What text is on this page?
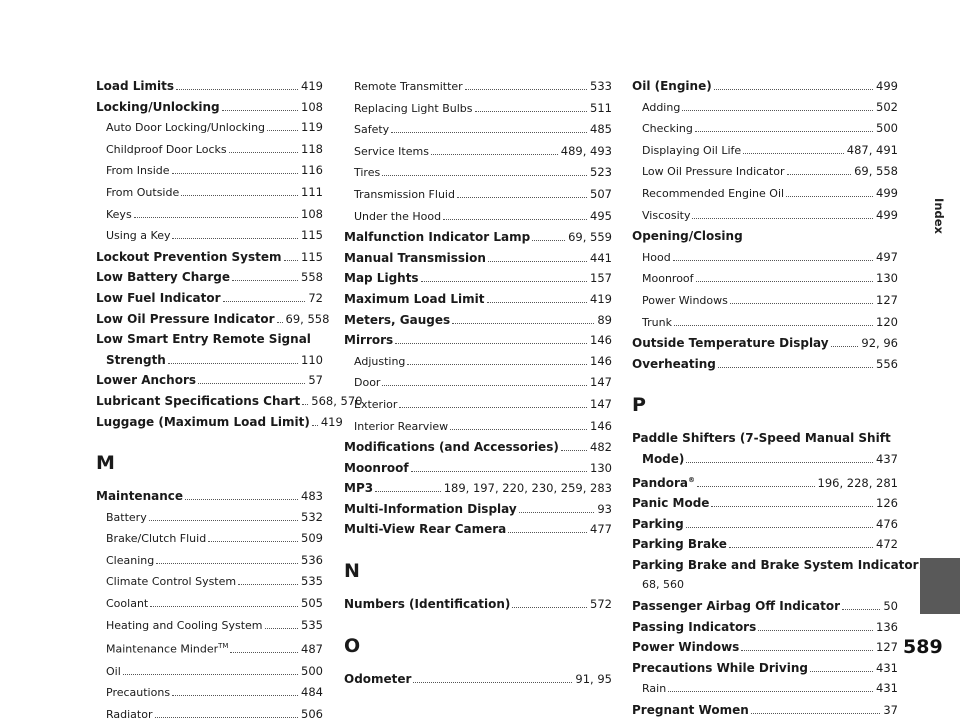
Load Limits	419
Locking/Unlocking	108
Auto Door Locking/Unlocking	119
Childproof Door Locks	118
From Inside	116
From Outside	111
Keys	108
Using a Key	115
Lockout Prevention System 115
Low Battery Charge	558
Low Fuel Indicator	72
Low Oil Pressure Indicator 69, 558
Low Smart Entry Remote Signal
Strength	110
Lower Anchors	57
Lubricant Specifications Chart 568, 570
Luggage (Maximum Load Limit) 419
M
Maintenance	483
Battery	532
Brake/Clutch Fluid	509
Cleaning	536
Climate Control System	535
Coolant	505
Heating and Cooling System	535
Maintenance Minder™	487
Oil	500
Precautions	484
Radiator	506
Remote Transmitter	533
Replacing Light Bulbs	511
Safety	485
Service Items	489, 493
Tires	523
Transmission Fluid	507
Under the Hood	495
Malfunction Indicator Lamp	69, 559
Manual Transmission	441
Map Lights	157
Maximum Load Limit	419
Meters, Gauges	89
Mirrors	146
Adjusting	146
Door	147
Exterior	147
Interior Rearview	146
Modifications (and Accessories)	482
Moonroof	130
MP3	189, 197, 220, 230, 259, 283
Multi-Information Display	93
Multi-View Rear Camera	477
N
Numbers (Identification)	572
O
Odometer	91, 95
Oil (Engine)	499
Adding	502
Checking	500
Displaying Oil Life	487, 491
Low Oil Pressure Indicator	69, 558
Recommended Engine Oil	499
Viscosity	499
Opening/Closing
Hood	497
Moonroof	130
Power Windows	127
Trunk	120
Outside Temperature Display	92, 96
Overheating	556
P
Paddle Shifters (7-Speed Manual Shift
Mode)	437
Pandora®	196, 228, 281
Panic Mode	126
Parking	476
Parking Brake	472
Parking Brake and Brake System Indicator
68, 560
Passenger Airbag Off Indicator	50
Passing Indicators	136
Power Windows	127
Precautions While Driving	431
Rain	431
Pregnant Women	37
Index
589
